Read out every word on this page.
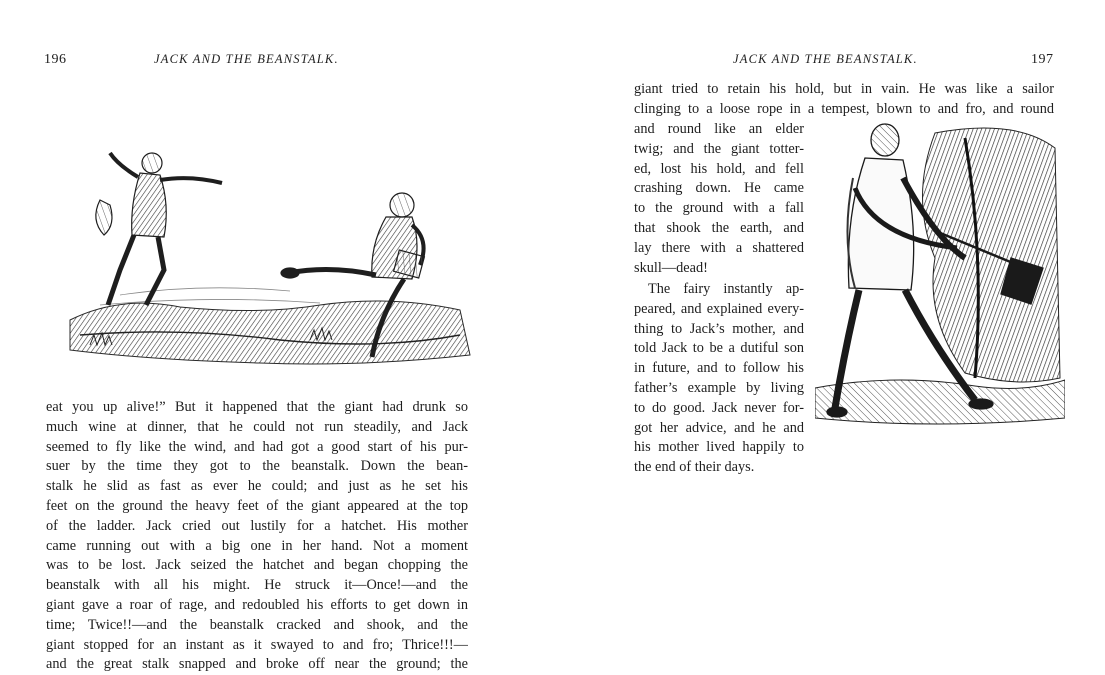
196	JACK AND THE BEANSTALK.
eat you up alive!” But it happened that the giant had drunk so
much wine at dinner, that he could not run steadily, and Jack
seemed to fly like the wind, and had got a good start of his pur-
suer by the time they got to the beanstalk. Down the bean-
stalk he slid as fast as ever he could; and just as he set his
feet on the ground the heavy feet of the giant appeared at the top
of the ladder. Jack cried out lustily for a hatchet. His mother
came running out with a big one in her hand. Not a moment
was to be lost. Jack seized the hatchet and began chopping the
beanstalk with all his might. He struck it—Once!—and the
giant gave a roar of rage, and redoubled his efforts to get down in
time; Twice!!—and the beanstalk cracked and shook, and the
giant stopped for an instant as it swayed to and fro; Thrice!!!—
and the great stalk snapped and broke off near the ground; the
JACK AND THE BEANSTALK.	197
giant tried to retain his hold, but in vain. He was like a sailor
clinging to a loose rope in a tempest, blown to and fro, and round
and round like an elder
twig; and the giant totter-
ed, lost his hold, and fell
crashing down. He came
to the ground with a fall
that shook the earth, and
lay there with a shattered
skull—dead!
The fairy instantly ap-
peared, and explained every-
thing to Jack’s mother, and
told Jack to be a dutiful son
in future, and to follow his
father’s example by living
to do good. Jack never for-
got her advice, and he and
his mother lived happily to
the end of their days.
